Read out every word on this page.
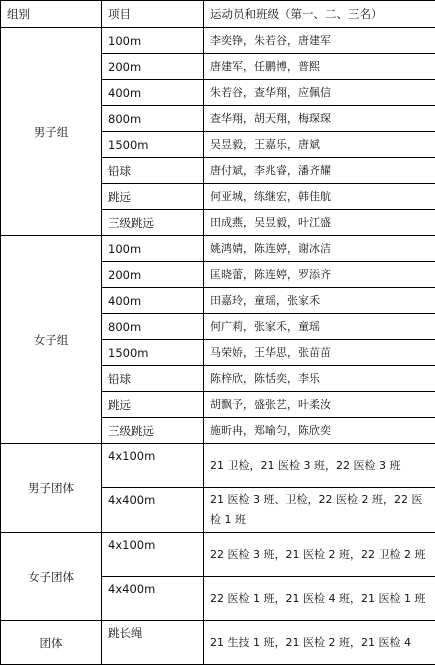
组别	项目	运动员和班级（第一、二、三名）
男子组	100m	李奕铮，朱若谷，唐建军
	200m	唐建军，任鹏博，普熙
	400m	朱若谷，查华翔，应佩信
	800m	查华翔，胡天翔，梅琛琛
	1500m	吴昱毅，王嘉乐，唐斌
	铅球	唐付斌，李兆睿，潘齐耀
	跳远	何亚城，练继宏，韩佳航
	三级跳远	田成燕，吴昱毅，叶江盛
女子组	100m	姚鸿婧，陈连婷，谢冰洁
	200m	匡晓蕾，陈连婷，罗添齐
	400m	田嘉玲，童瑶，张家禾
	800m	何广莉，张家禾，童瑶
	1500m	马荣娇，王华思，张苗苗
	铅球	陈梓欣，陈恬奕，李乐
	跳远	胡飘予，盛张艺，叶柔汝
	三级跳远	施昕冉，郑喻匀，陈欣奕
男子团体	4x100m	21 卫检，21 医检 3 班，22 医检 3 班
	4x400m	21 医检 3 班、卫检，22 医检 2 班，22 医检 1 班
女子团体	4x100m	22 医检 3 班，21 医检 2 班，22 卫检 2 班
	4x400m	22 医检 1 班，21 医检 4 班，21 医检 1 班
团体	跳长绳	21 生技 1 班，21 医检 2 班，21 医检 4
